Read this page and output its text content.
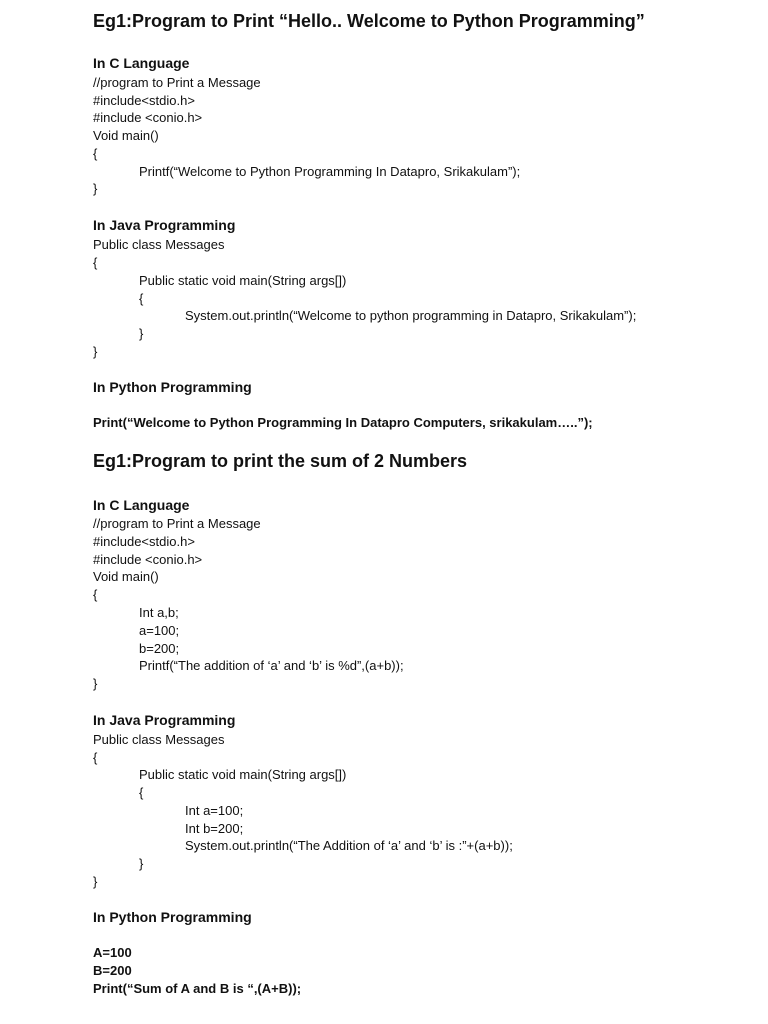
Eg1:Program to Print “Hello.. Welcome to Python Programming”
In C Language
//program to Print a Message
#include<stdio.h>
#include <conio.h>
Void main()
{
Printf(“Welcome to Python Programming In Datapro, Srikakulam”);
}
In Java Programming
Public class Messages
{
Public static void main(String args[])
{
System.out.println(“Welcome to python programming in Datapro, Srikakulam”);
}
}
In Python Programming
Print(“Welcome to Python Programming In Datapro Computers, srikakulam…..”);
Eg1:Program to print the sum of 2 Numbers
In C Language
//program to Print a Message
#include<stdio.h>
#include <conio.h>
Void main()
{
Int a,b;
a=100;
b=200;
Printf(“The addition of ‘a’ and ‘b’ is %d”,(a+b));
}
In Java Programming
Public class Messages
{
Public static void main(String args[])
{
Int a=100;
Int b=200;
System.out.println(“The Addition of ‘a’ and ‘b’ is :”+(a+b));
}
}
In Python Programming
A=100
B=200
Print(“Sum of A and B is “,(A+B));
